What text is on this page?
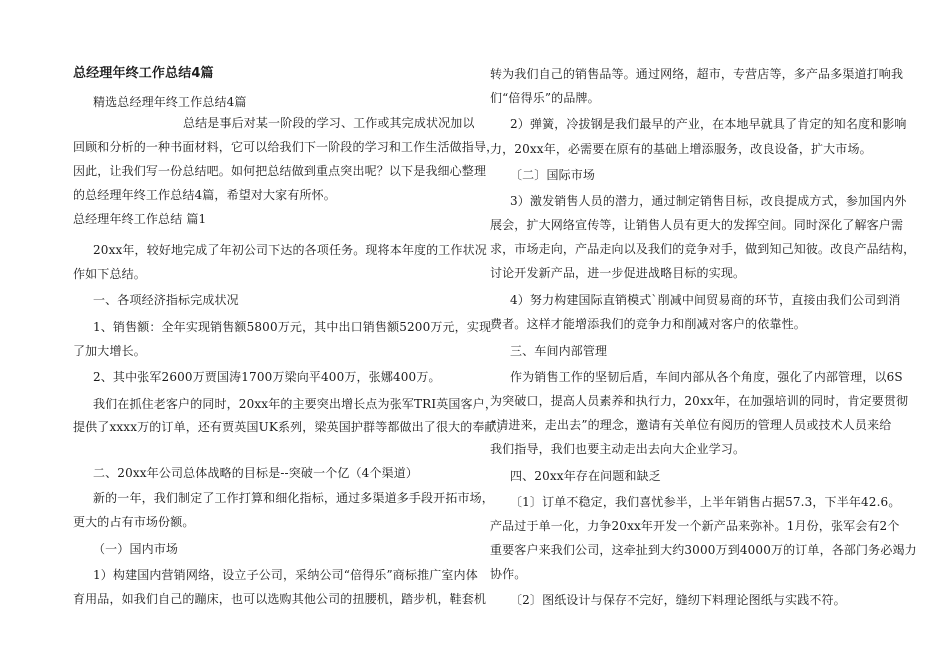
总经理年终工作总结4篇
精选总经理年终工作总结4篇
总结是事后对某一阶段的学习、工作或其完成状况加以
回顾和分析的一种书面材料，它可以给我们下一阶段的学习和工作生活做指导，
因此，让我们写一份总结吧。如何把总结做到重点突出呢？以下是我细心整理
的总经理年终工作总结4篇，希望对大家有所怀。
总经理年终工作总结 篇1
20xx年，较好地完成了年初公司下达的各项任务。现将本年度的工作状况
作如下总结。
一、各项经济指标完成状况
1、销售额：全年实现销售额5800万元，其中出口销售额5200万元，实现
了加大增长。
2、其中张军2600万贾国涛1700万梁向平400万，张娜400万。
我们在抓住老客户的同时，20xx年的主要突出增长点为张军TRI英国客户，
提供了xxxx万的订单，还有贾英国UK系列，梁英国护群等都做出了很大的奉献。
二、20xx年公司总体战略的目标是--突破一个亿（4个渠道）
新的一年，我们制定了工作打算和细化指标，通过多渠道多手段开拓市场，
更大的占有市场份额。
（一）国内市场
1）构建国内营销网络，设立子公司，采纳公司“倍得乐”商标推广室内体
育用品，如我们自己的蹦床，也可以选购其他公司的扭腰机，踏步机，鞋套机
转为我们自己的销售品等。通过网络，超市，专营店等，多产品多渠道打响我
们“倍得乐”的品牌。
2）弹簧，冷拔钢是我们最早的产业，在本地早就具了肯定的知名度和影响
力，20xx年，必需要在原有的基础上增添服务，改良设备，扩大市场。
〔二〕国际市场
3）激发销售人员的潜力，通过制定销售目标，改良提成方式，参加国内外
展会，扩大网络宣传等，让销售人员有更大的发挥空间。同时深化了解客户需
求，市场走向，产品走向以及我们的竞争对手，做到知己知彼。改良产品结构，
讨论开发新产品，进一步促进战略目标的实现。
4）努力构建国际直销模式`削减中间贸易商的环节，直接由我们公司到消
费者。这样才能增添我们的竞争力和削减对客户的依靠性。
三、车间内部管理
作为销售工作的坚韧后盾，车间内部从各个角度，强化了内部管理，以6S
为突破口，提高人员素养和执行力，20xx年，在加强培训的同时，肯定要贯彻
“请进来，走出去”的理念，邀请有关单位有阅历的管理人员或技术人员来给
我们指导，我们也要主动走出去向大企业学习。
四、20xx年存在问题和缺乏
〔1〕订单不稳定，我们喜忧参半，上半年销售占据57.3，下半年42.6。
产品过于单一化，力争20xx年开发一个新产品来弥补。1月份，张军会有2个
重要客户来我们公司，这牵扯到大约3000万到4000万的订单，各部门务必竭力
协作。
〔2〕图纸设计与保存不完好，缝纫下料理论图纸与实践不符。
